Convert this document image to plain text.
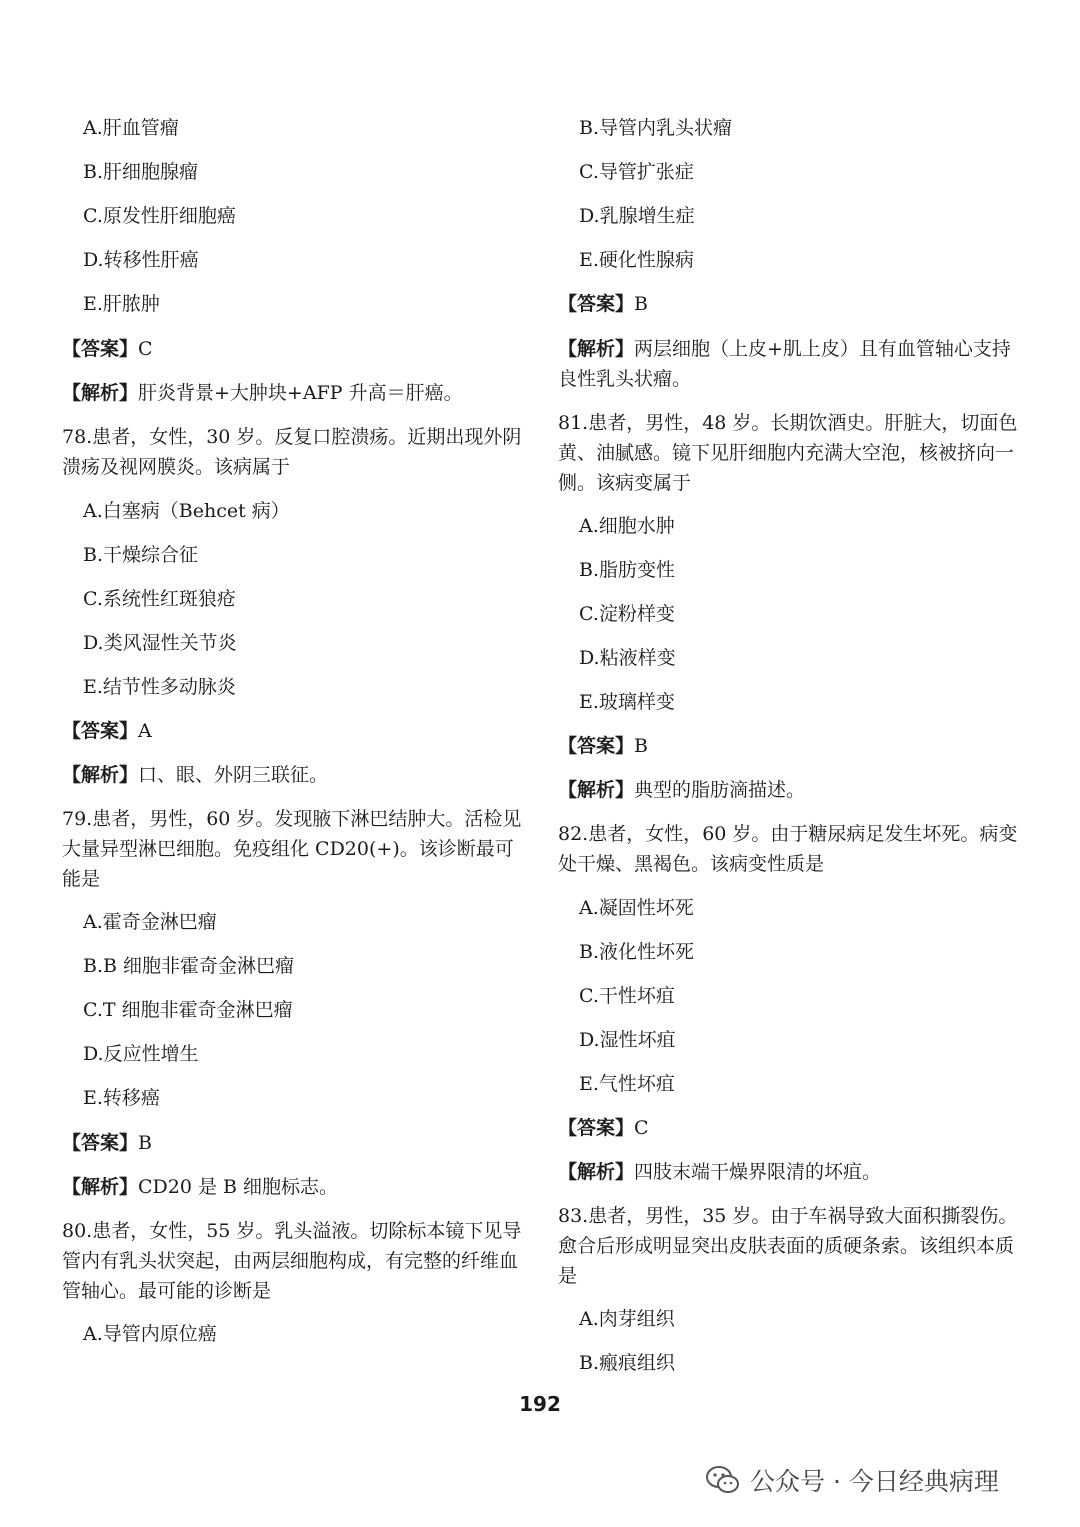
A.肝血管瘤
B.肝细胞腺瘤
C.原发性肝细胞癌
D.转移性肝癌
E.肝脓肿
【答案】C
【解析】肝炎背景+大肿块+AFP 升高＝肝癌。
78.患者，女性，30 岁。反复口腔溃疡。近期出现外阴溃疡及视网膜炎。该病属于
A.白塞病（Behcet 病）
B.干燥综合征
C.系统性红斑狼疮
D.类风湿性关节炎
E.结节性多动脉炎
【答案】A
【解析】口、眼、外阴三联征。
79.患者，男性，60 岁。发现腋下淋巴结肿大。活检见大量异型淋巴细胞。免疫组化 CD20(+)。该诊断最可能是
A.霍奇金淋巴瘤
B.B 细胞非霍奇金淋巴瘤
C.T 细胞非霍奇金淋巴瘤
D.反应性增生
E.转移癌
【答案】B
【解析】CD20 是 B 细胞标志。
80.患者，女性，55 岁。乳头溢液。切除标本镜下见导管内有乳头状突起，由两层细胞构成，有完整的纤维血管轴心。最可能的诊断是
A.导管内原位癌
B.导管内乳头状瘤
C.导管扩张症
D.乳腺增生症
E.硬化性腺病
【答案】B
【解析】两层细胞（上皮+肌上皮）且有血管轴心支持良性乳头状瘤。
81.患者，男性，48 岁。长期饮酒史。肝脏大，切面色黄、油腻感。镜下见肝细胞内充满大空泡，核被挤向一侧。该病变属于
A.细胞水肿
B.脂肪变性
C.淀粉样变
D.粘液样变
E.玻璃样变
【答案】B
【解析】典型的脂肪滴描述。
82.患者，女性，60 岁。由于糖尿病足发生坏死。病变处干燥、黑褐色。该病变性质是
A.凝固性坏死
B.液化性坏死
C.干性坏疽
D.湿性坏疽
E.气性坏疽
【答案】C
【解析】四肢末端干燥界限清的坏疽。
83.患者，男性，35 岁。由于车祸导致大面积撕裂伤。愈合后形成明显突出皮肤表面的质硬条索。该组织本质是
A.肉芽组织
B.瘢痕组织
192
公众号 · 今日经典病理
